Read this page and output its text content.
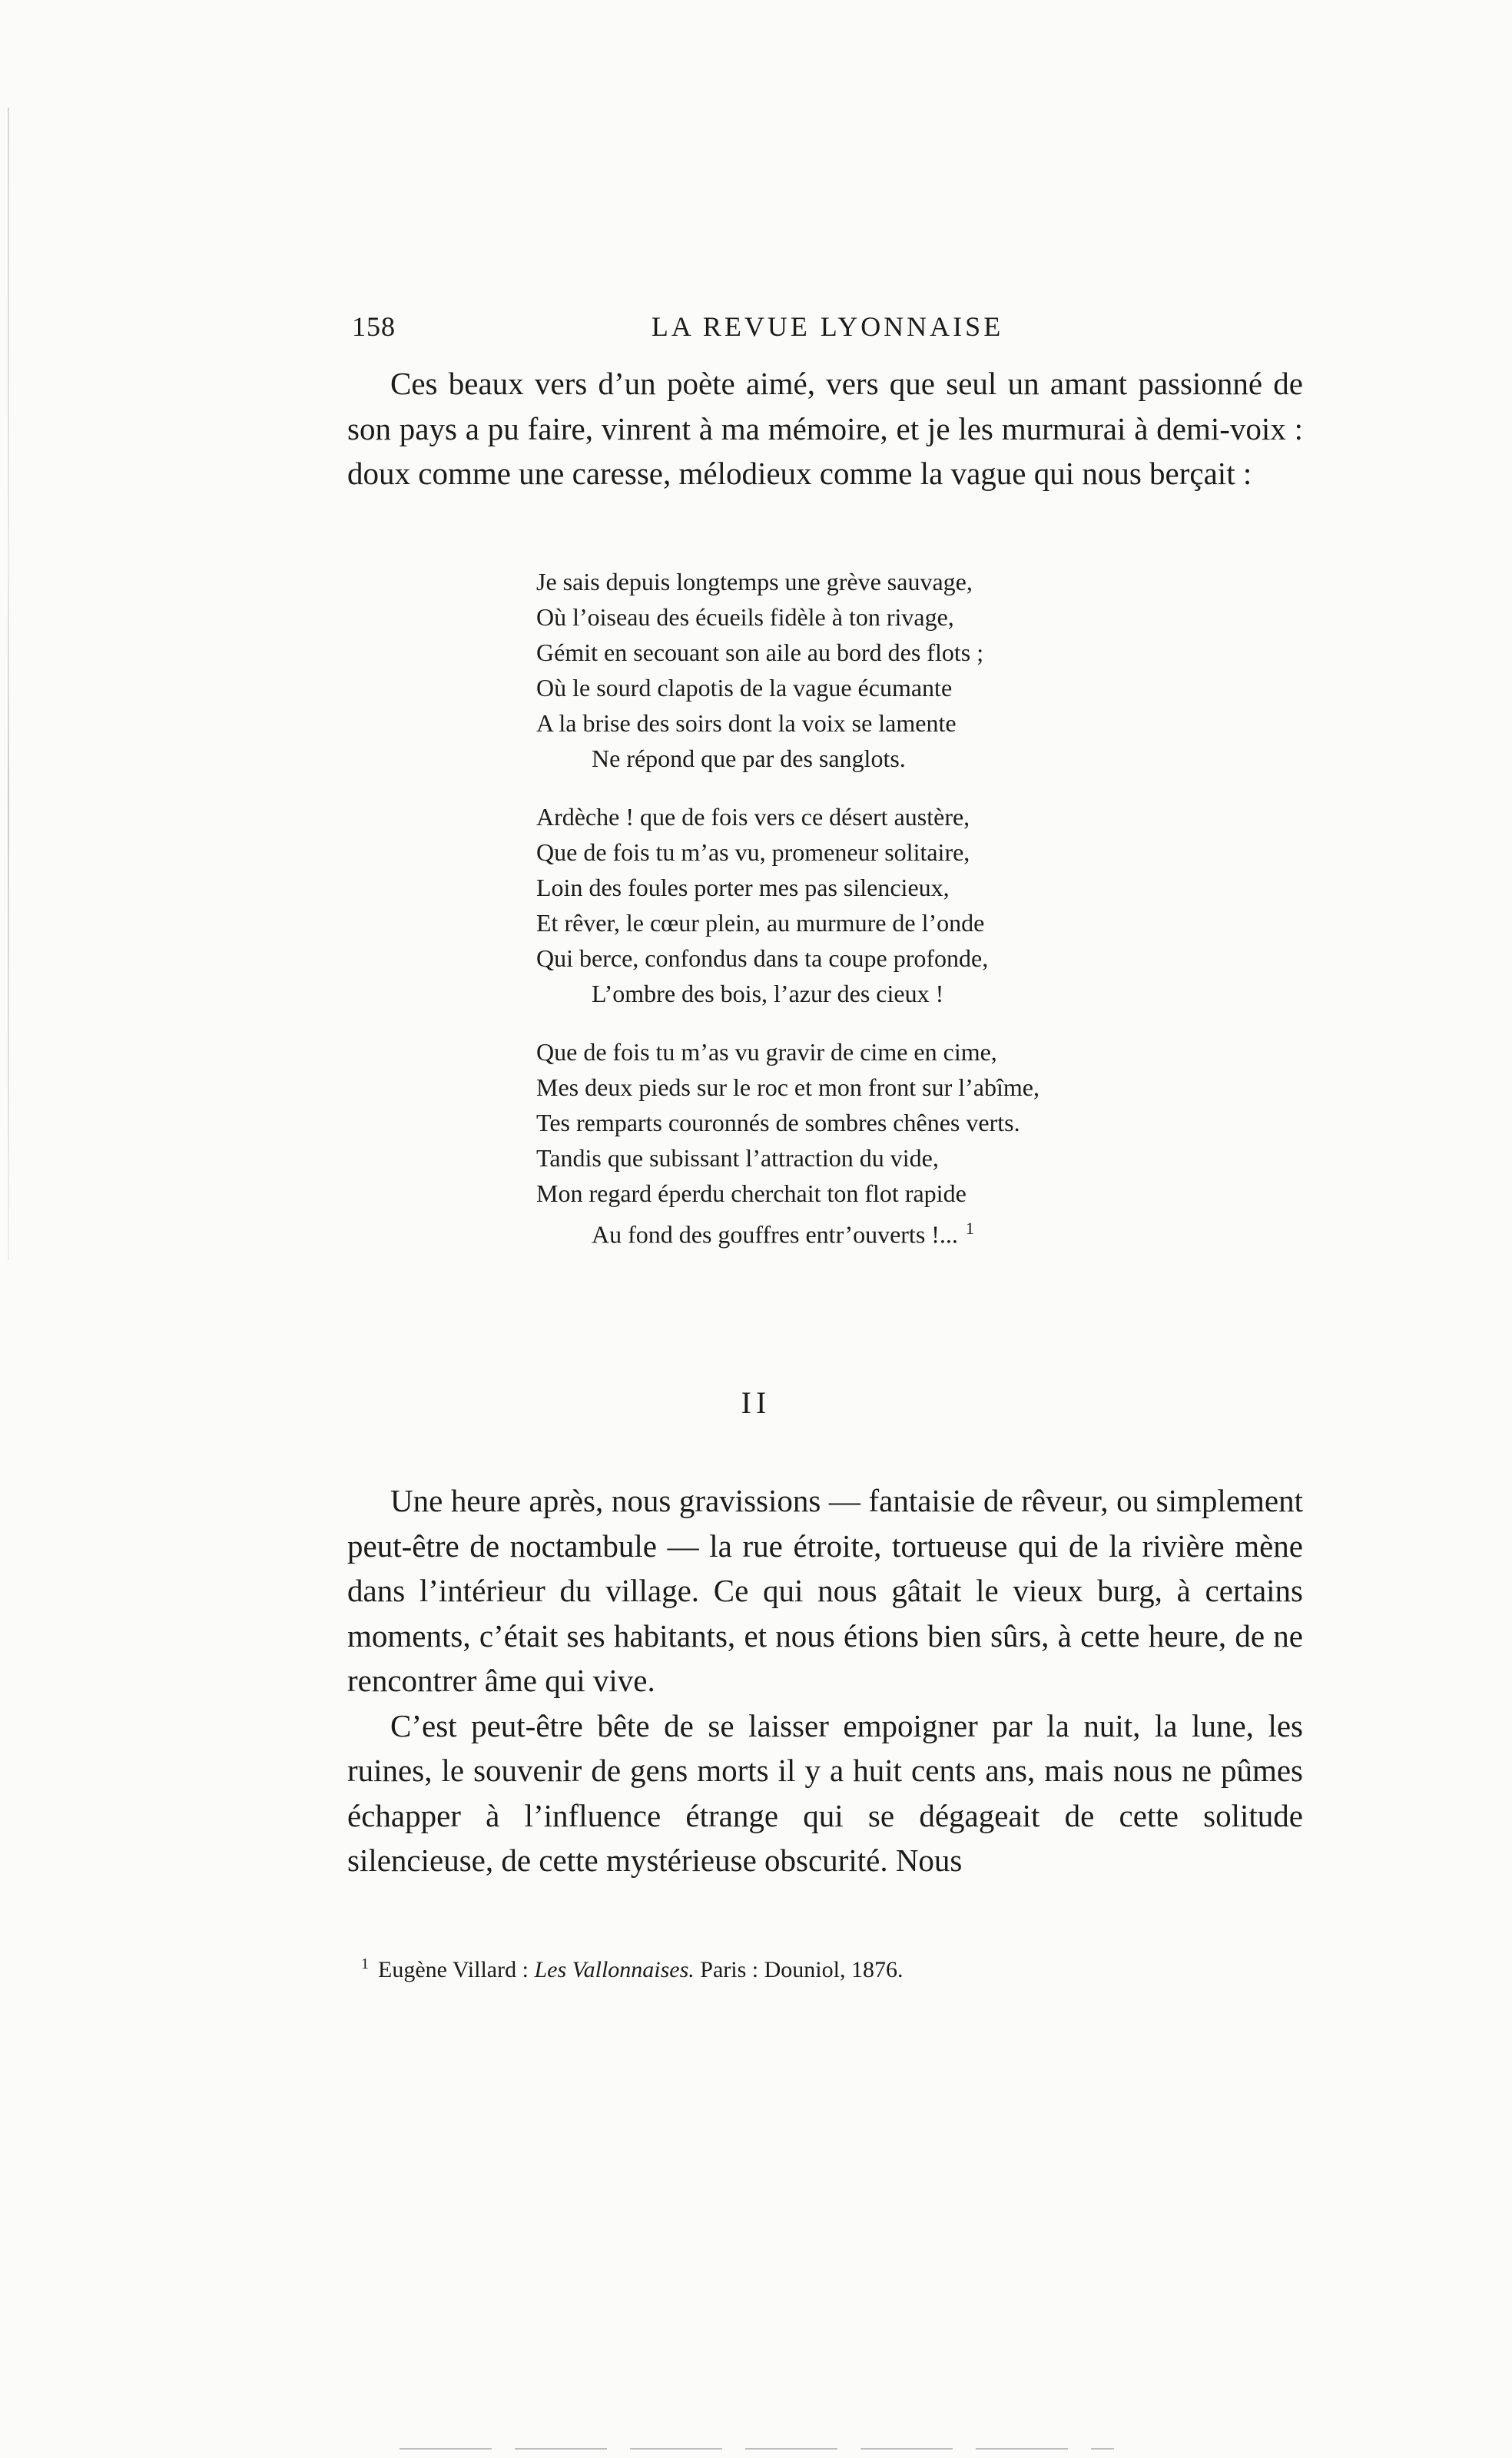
158	LA REVUE LYONNAISE

Ces beaux vers d’un poète aimé, vers que seul un amant passionné de son pays a pu faire, vinrent à ma mémoire, et je les murmurai à demi-voix : doux comme une caresse, mélodieux comme la vague qui nous berçait :

Je sais depuis longtemps une grève sauvage,
Où l’oiseau des écueils fidèle à ton rivage,
Gémit en secouant son aile au bord des flots ;
Où le sourd clapotis de la vague écumante
A la brise des soirs dont la voix se lamente
Ne répond que par des sanglots.
Ardèche ! que de fois vers ce désert austère,
Que de fois tu m’as vu, promeneur solitaire,
Loin des foules porter mes pas silencieux,
Et rêver, le cœur plein, au murmure de l’onde
Qui berce, confondus dans ta coupe profonde,
L’ombre des bois, l’azur des cieux !
Que de fois tu m’as vu gravir de cime en cime,
Mes deux pieds sur le roc et mon front sur l’abîme,
Tes remparts couronnés de sombres chênes verts.
Tandis que subissant l’attraction du vide,
Mon regard éperdu cherchait ton flot rapide
Au fond des gouffres entr’ouverts !... $^1$
II

Une heure après, nous gravissions — fantaisie de rêveur, ou simplement peut-être de noctambule — la rue étroite, tortueuse qui de la rivière mène dans l’intérieur du village. Ce qui nous gâtait le vieux burg, à certains moments, c’était ses habitants, et nous étions bien sûrs, à cette heure, de ne rencontrer âme qui vive.

C’est peut-être bête de se laisser empoigner par la nuit, la lune, les ruines, le souvenir de gens morts il y a huit cents ans, mais nous ne pûmes échapper à l’influence étrange qui se dégageait de cette solitude silencieuse, de cette mystérieuse obscurité. Nous

$^1$ Eugène Villard : Les Vallonnaises. Paris : Douniol, 1876.
